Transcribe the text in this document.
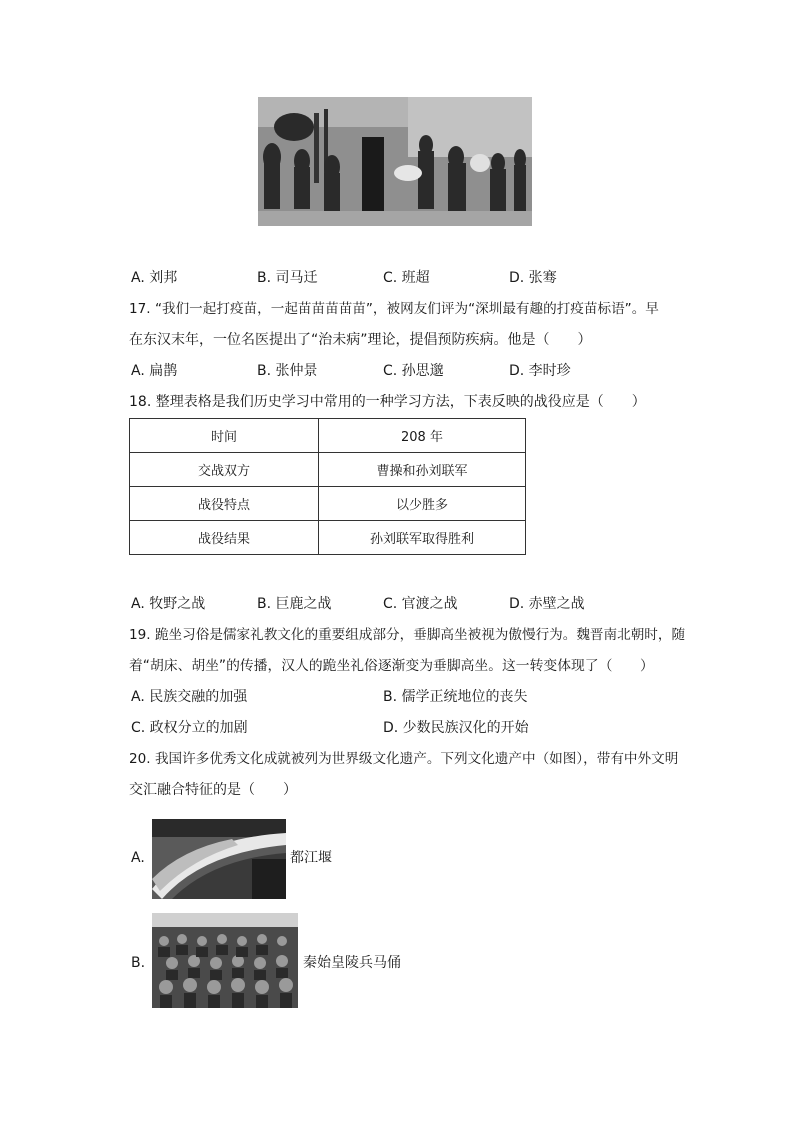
A. 刘邦	B. 司马迁	C. 班超	D. 张骞
17. “我们一起打疫苗，一起苗苗苗苗苗”，被网友们评为“深圳最有趣的打疫苗标语”。早
在东汉末年，一位名医提出了“治未病”理论，提倡预防疾病。他是（　　）
A. 扁鹊	B. 张仲景	C. 孙思邈	D. 李时珍
18. 整理表格是我们历史学习中常用的一种学习方法，下表反映的战役应是（　　）
时间	208 年
交战双方	曹操和孙刘联军
战役特点	以少胜多
战役结果	孙刘联军取得胜利
A. 牧野之战	B. 巨鹿之战	C. 官渡之战	D. 赤壁之战
19. 跪坐习俗是儒家礼教文化的重要组成部分，垂脚高坐被视为傲慢行为。魏晋南北朝时，随
着“胡床、胡坐”的传播，汉人的跪坐礼俗逐渐变为垂脚高坐。这一转变体现了（　　）
A. 民族交融的加强	B. 儒学正统地位的丧失
C. 政权分立的加剧	D. 少数民族汉化的开始
20. 我国许多优秀文化成就被列为世界级文化遗产。下列文化遗产中（如图），带有中外文明
交汇融合特征的是（　　）
A.	都江堰
B.	秦始皇陵兵马俑
